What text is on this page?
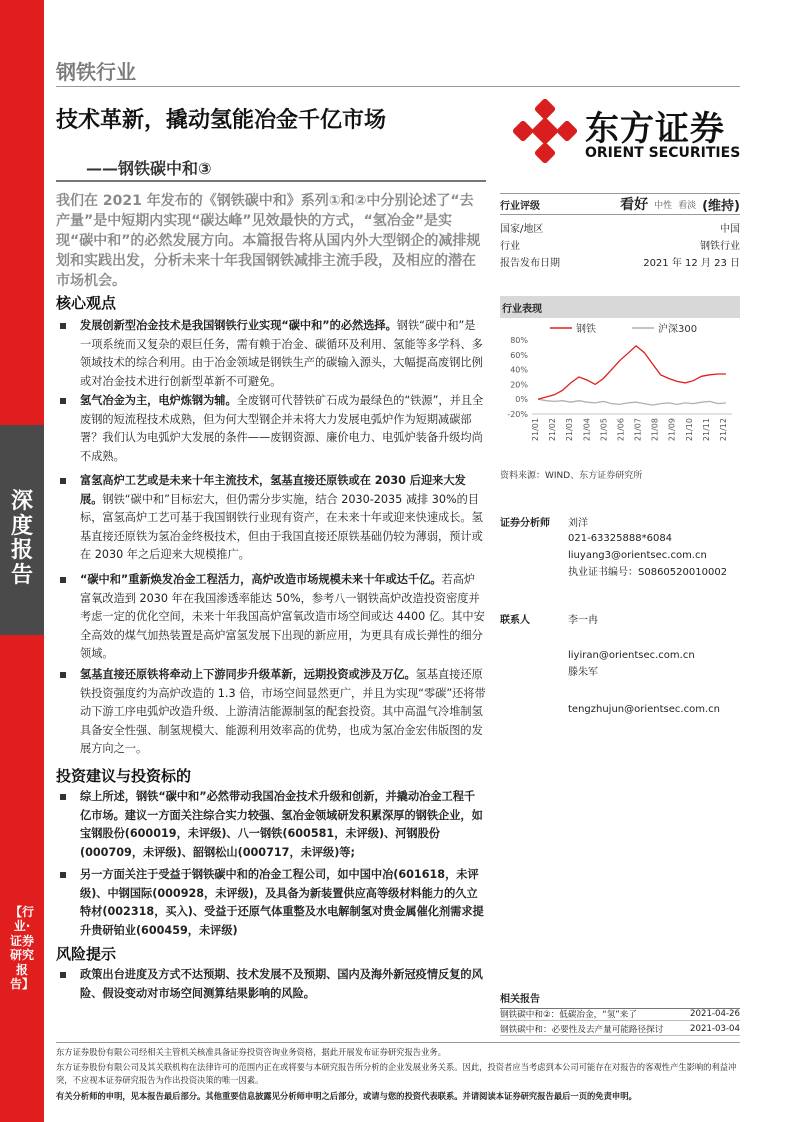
深度报告
【行业·证券研究报告】
钢铁行业
技术革新，撬动氢能冶金千亿市场
——钢铁碳中和③
东方证券
ORIENT SECURITIES
我们在 2021 年发布的《钢铁碳中和》系列①和②中分别论述了“去产量”是中短期内实现“碳达峰”见效最快的方式，“氢冶金”是实现“碳中和”的必然发展方向。本篇报告将从国内外大型钢企的减排规划和实践出发，分析未来十年我国钢铁减排主流手段，及相应的潜在市场机会。
核心观点
发展创新型冶金技术是我国钢铁行业实现“碳中和”的必然选择。钢铁“碳中和”是一项系统而又复杂的艰巨任务，需有赖于冶金、碳循环及利用、氢能等多学科、多领域技术的综合利用。由于冶金领域是钢铁生产的碳输入源头，大幅提高废钢比例或对冶金技术进行创新型革新不可避免。
氢气冶金为主，电炉炼钢为辅。全废钢可代替铁矿石成为最绿色的“铁源”，并且全废钢的短流程技术成熟，但为何大型钢企并未将大力发展电弧炉作为短期减碳部署？我们认为电弧炉大发展的条件——废钢资源、廉价电力、电弧炉装备升级均尚不成熟。
富氢高炉工艺或是未来十年主流技术，氢基直接还原铁或在 2030 后迎来大发展。钢铁“碳中和”目标宏大，但仍需分步实施，结合 2030-2035 减排 30%的目标，富氢高炉工艺可基于我国钢铁行业现有资产，在未来十年或迎来快速成长。氢基直接还原铁为氢冶金终极技术，但由于我国直接还原铁基础仍较为薄弱，预计或在 2030 年之后迎来大规模推广。
“碳中和”重新焕发冶金工程活力，高炉改造市场规模未来十年或达千亿。若高炉富氧改造到 2030 年在我国渗透率能达 50%，参考八一钢铁高炉改造投资密度并考虑一定的优化空间，未来十年我国高炉富氧改造市场空间或达 4400 亿。其中安全高效的煤气加热装置是高炉富氢发展下出现的新应用，为更具有成长弹性的细分领域。
氢基直接还原铁将牵动上下游同步升级革新，远期投资或涉及万亿。氢基直接还原铁投资强度约为高炉改造的 1.3 倍，市场空间显然更广，并且为实现“零碳”还将带动下游工序电弧炉改造升级、上游清洁能源制氢的配套投资。其中高温气冷堆制氢具备安全性强、制氢规模大、能源利用效率高的优势，也成为氢冶金宏伟版图的发展方向之一。
投资建议与投资标的
综上所述，钢铁“碳中和”必然带动我国冶金技术升级和创新，并撬动冶金工程千亿市场。建议一方面关注综合实力较强、氢冶金领域研发积累深厚的钢铁企业，如宝钢股份(600019，未评级)、八一钢铁(600581，未评级)、河钢股份(000709，未评级)、韶钢松山(000717，未评级)等;
另一方面关注于受益于钢铁碳中和的冶金工程公司，如中国中冶(601618，未评级)、中钢国际(000928，未评级)，及具备为新装置供应高等级材料能力的久立特材(002318，买入)、受益于还原气体重整及水电解制氢对贵金属催化剂需求提升贵研铂业(600459，未评级)
风险提示
政策出台进度及方式不达预期、技术发展不及预期、国内及海外新冠疫情反复的风险、假设变动对市场空间测算结果影响的风险。
行业评级	看好 中性 看淡 (维持)
国家/地区	中国
行业	钢铁行业
报告发布日期	2021 年 12 月 23 日
行业表现
钢铁	沪深300
80%
60%
40%
20%
0%
-20%
21/01 21/02 21/03 21/04 21/05 21/06 21/07 21/08 21/09 21/10 21/11 21/12
资料来源：WIND、东方证券研究所
证券分析师	刘洋
021-63325888*6084
liuyang3@orientsec.com.cn
执业证书编号：S0860520010002
联系人	李一冉
liyiran@orientsec.com.cn
滕朱军
tengzhujun@orientsec.com.cn
相关报告
钢铁碳中和②：低碳冶金，“氢”来了	2021-04-26
钢铁碳中和：必要性及去产量可能路径探讨	2021-03-04
东方证券股份有限公司经相关主管机关核准具备证券投资咨询业务资格，据此开展发布证券研究报告业务。
东方证券股份有限公司及其关联机构在法律许可的范围内正在或将要与本研究报告所分析的企业发展业务关系。因此，投资者应当考虑到本公司可能存在对报告的客观性产生影响的利益冲突，不应视本证券研究报告为作出投资决策的唯一因素。
有关分析师的申明，见本报告最后部分。其他重要信息披露见分析师申明之后部分，或请与您的投资代表联系。并请阅读本证券研究报告最后一页的免责申明。
